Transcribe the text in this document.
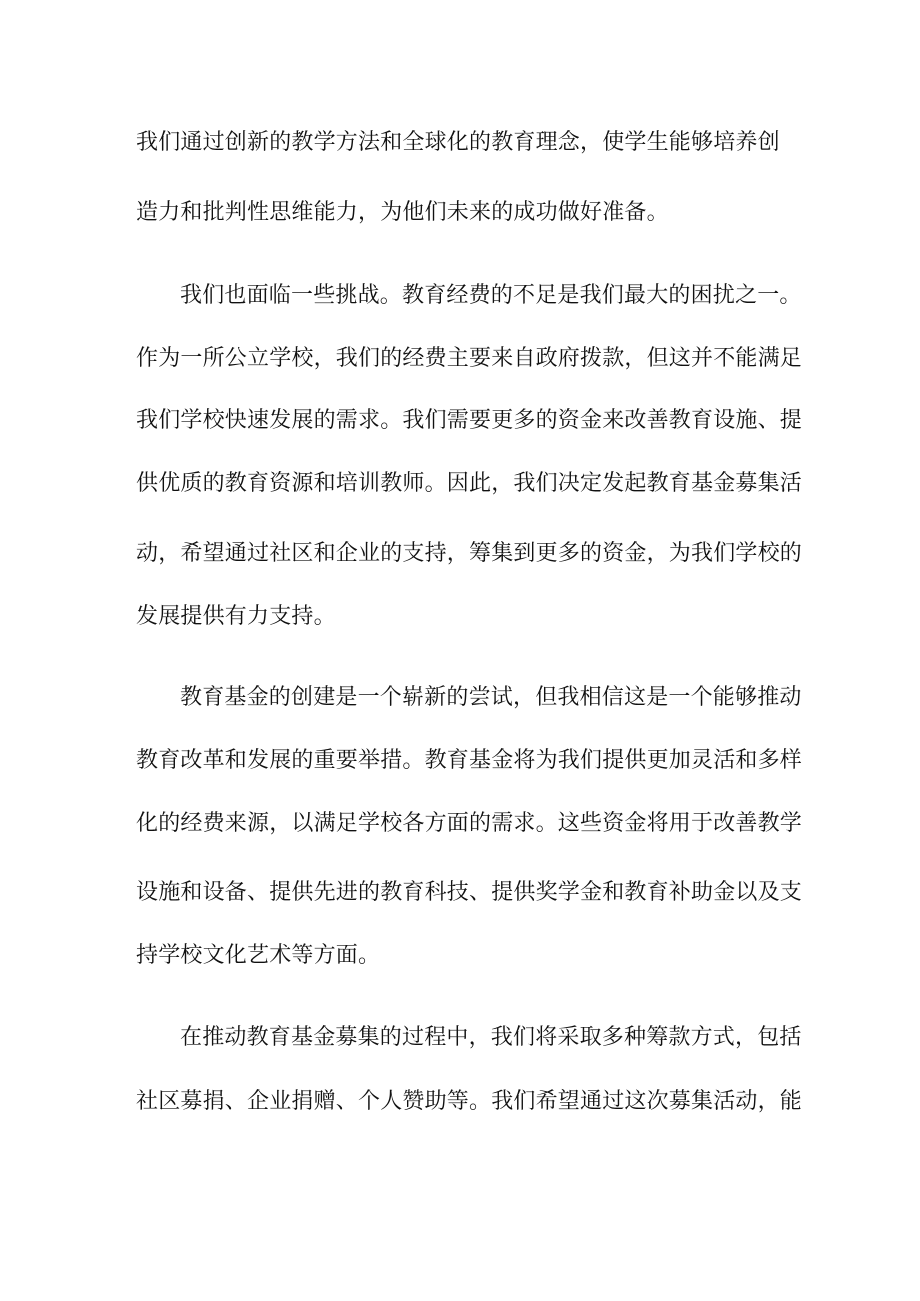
我们通过创新的教学方法和全球化的教育理念，使学生能够培养创
造力和批判性思维能力，为他们未来的成功做好准备。
我们也面临一些挑战。教育经费的不足是我们最大的困扰之一。
作为一所公立学校，我们的经费主要来自政府拨款，但这并不能满足
我们学校快速发展的需求。我们需要更多的资金来改善教育设施、提
供优质的教育资源和培训教师。因此，我们决定发起教育基金募集活
动，希望通过社区和企业的支持，筹集到更多的资金，为我们学校的
发展提供有力支持。
教育基金的创建是一个崭新的尝试，但我相信这是一个能够推动
教育改革和发展的重要举措。教育基金将为我们提供更加灵活和多样
化的经费来源，以满足学校各方面的需求。这些资金将用于改善教学
设施和设备、提供先进的教育科技、提供奖学金和教育补助金以及支
持学校文化艺术等方面。
在推动教育基金募集的过程中，我们将采取多种筹款方式，包括
社区募捐、企业捐赠、个人赞助等。我们希望通过这次募集活动，能
